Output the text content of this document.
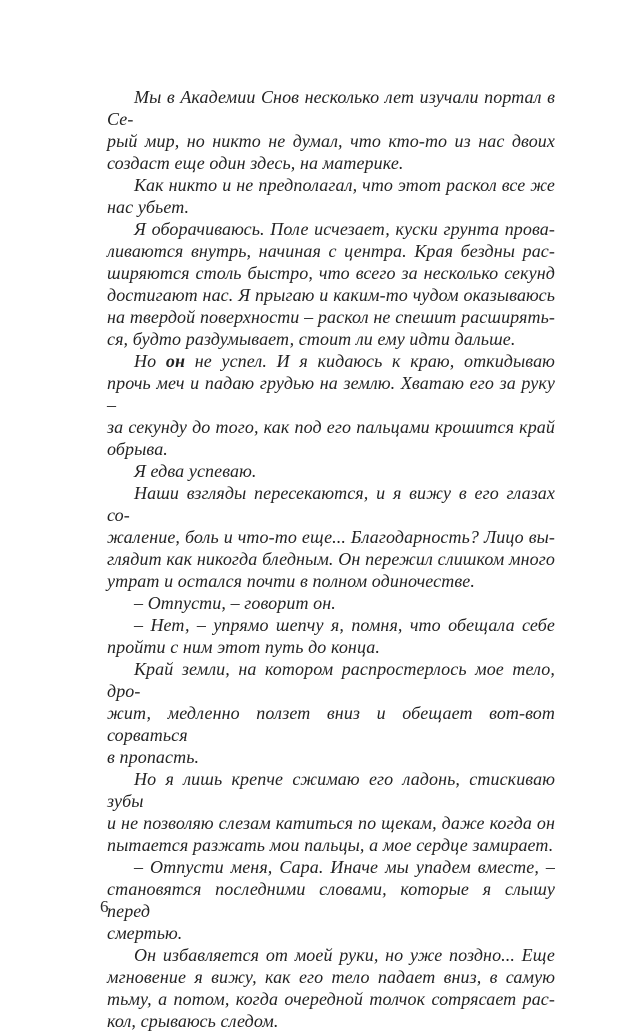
Мы в Академии Снов несколько лет изучали портал в Се-
рый мир, но никто не думал, что кто-то из нас двоих
создаст еще один здесь, на материке.
Как никто и не предполагал, что этот раскол все же
нас убьет.
Я оборачиваюсь. Поле исчезает, куски грунта прова-
ливаются внутрь, начиная с центра. Края бездны рас-
ширяются столь быстро, что всего за несколько секунд
достигают нас. Я прыгаю и каким-то чудом оказываюсь
на твердой поверхности – раскол не спешит расширять-
ся, будто раздумывает, стоит ли ему идти дальше.
Но он не успел. И я кидаюсь к краю, откидываю
прочь меч и падаю грудью на землю. Хватаю его за руку –
за секунду до того, как под его пальцами крошится край
обрыва.
Я едва успеваю.
Наши взгляды пересекаются, и я вижу в его глазах со-
жаление, боль и что-то еще... Благодарность? Лицо вы-
глядит как никогда бледным. Он пережил слишком много
утрат и остался почти в полном одиночестве.
– Отпусти, – говорит он.
– Нет, – упрямо шепчу я, помня, что обещала себе
пройти с ним этот путь до конца.
Край земли, на котором распростерлось мое тело, дро-
жит, медленно ползет вниз и обещает вот-вот сорваться
в пропасть.
Но я лишь крепче сжимаю его ладонь, стискиваю зубы
и не позволяю слезам катиться по щекам, даже когда он
пытается разжать мои пальцы, а мое сердце замирает.
– Отпусти меня, Сара. Иначе мы упадем вместе, –
становятся последними словами, которые я слышу перед
смертью.
Он избавляется от моей руки, но уже поздно... Еще
мгновение я вижу, как его тело падает вниз, в самую
тьму, а потом, когда очередной толчок сотрясает рас-
кол, срываюсь следом.
6
